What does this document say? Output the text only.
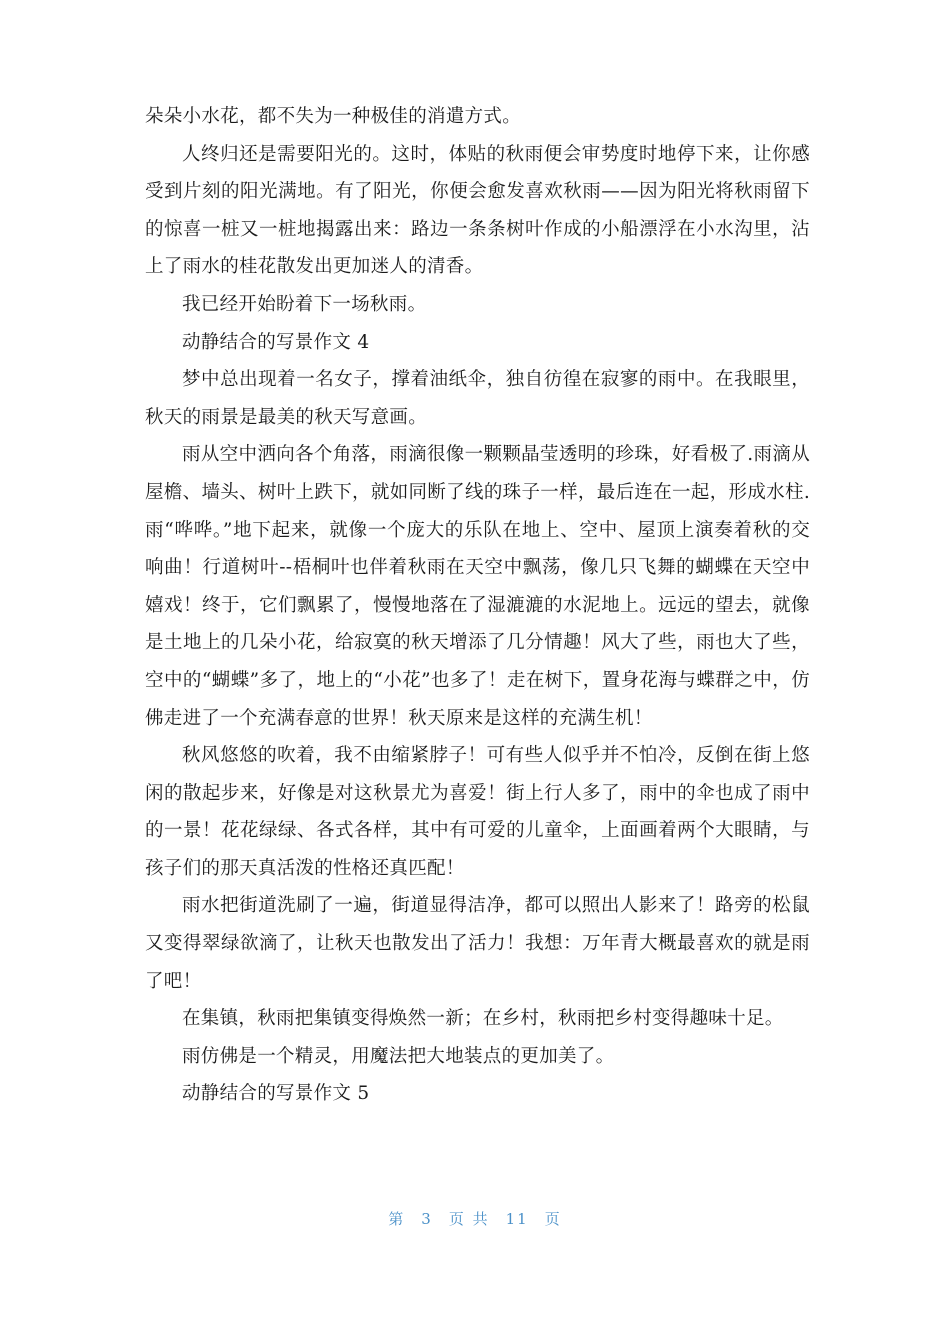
朵朵小水花，都不失为一种极佳的消遣方式。

人终归还是需要阳光的。这时，体贴的秋雨便会审势度时地停下来，让你感受到片刻的阳光满地。有了阳光，你便会愈发喜欢秋雨——因为阳光将秋雨留下的惊喜一桩又一桩地揭露出来：路边一条条树叶作成的小船漂浮在小水沟里，沾上了雨水的桂花散发出更加迷人的清香。

我已经开始盼着下一场秋雨。

动静结合的写景作文 4

梦中总出现着一名女子，撑着油纸伞，独自彷徨在寂寥的雨中。在我眼里，秋天的雨景是最美的秋天写意画。

雨从空中洒向各个角落，雨滴很像一颗颗晶莹透明的珍珠，好看极了.雨滴从屋檐、墙头、树叶上跌下，就如同断了线的珠子一样，最后连在一起，形成水柱.雨“哗哗。”地下起来，就像一个庞大的乐队在地上、空中、屋顶上演奏着秋的交响曲！行道树叶--梧桐叶也伴着秋雨在天空中飘荡，像几只飞舞的蝴蝶在天空中嬉戏！终于，它们飘累了，慢慢地落在了湿漉漉的水泥地上。远远的望去，就像是土地上的几朵小花，给寂寞的秋天增添了几分情趣！风大了些，雨也大了些，空中的“蝴蝶”多了，地上的“小花”也多了！走在树下，置身花海与蝶群之中，仿佛走进了一个充满春意的世界！秋天原来是这样的充满生机！

秋风悠悠的吹着，我不由缩紧脖子！可有些人似乎并不怕冷，反倒在街上悠闲的散起步来，好像是对这秋景尤为喜爱！街上行人多了，雨中的伞也成了雨中的一景！花花绿绿、各式各样，其中有可爱的儿童伞，上面画着两个大眼睛，与孩子们的那天真活泼的性格还真匹配！

雨水把街道洗刷了一遍，街道显得洁净，都可以照出人影来了！路旁的松鼠又变得翠绿欲滴了，让秋天也散发出了活力！我想：万年青大概最喜欢的就是雨了吧！

在集镇，秋雨把集镇变得焕然一新；在乡村，秋雨把乡村变得趣味十足。

雨仿佛是一个精灵，用魔法把大地装点的更加美了。

动静结合的写景作文 5

第 3 页 共 11 页
